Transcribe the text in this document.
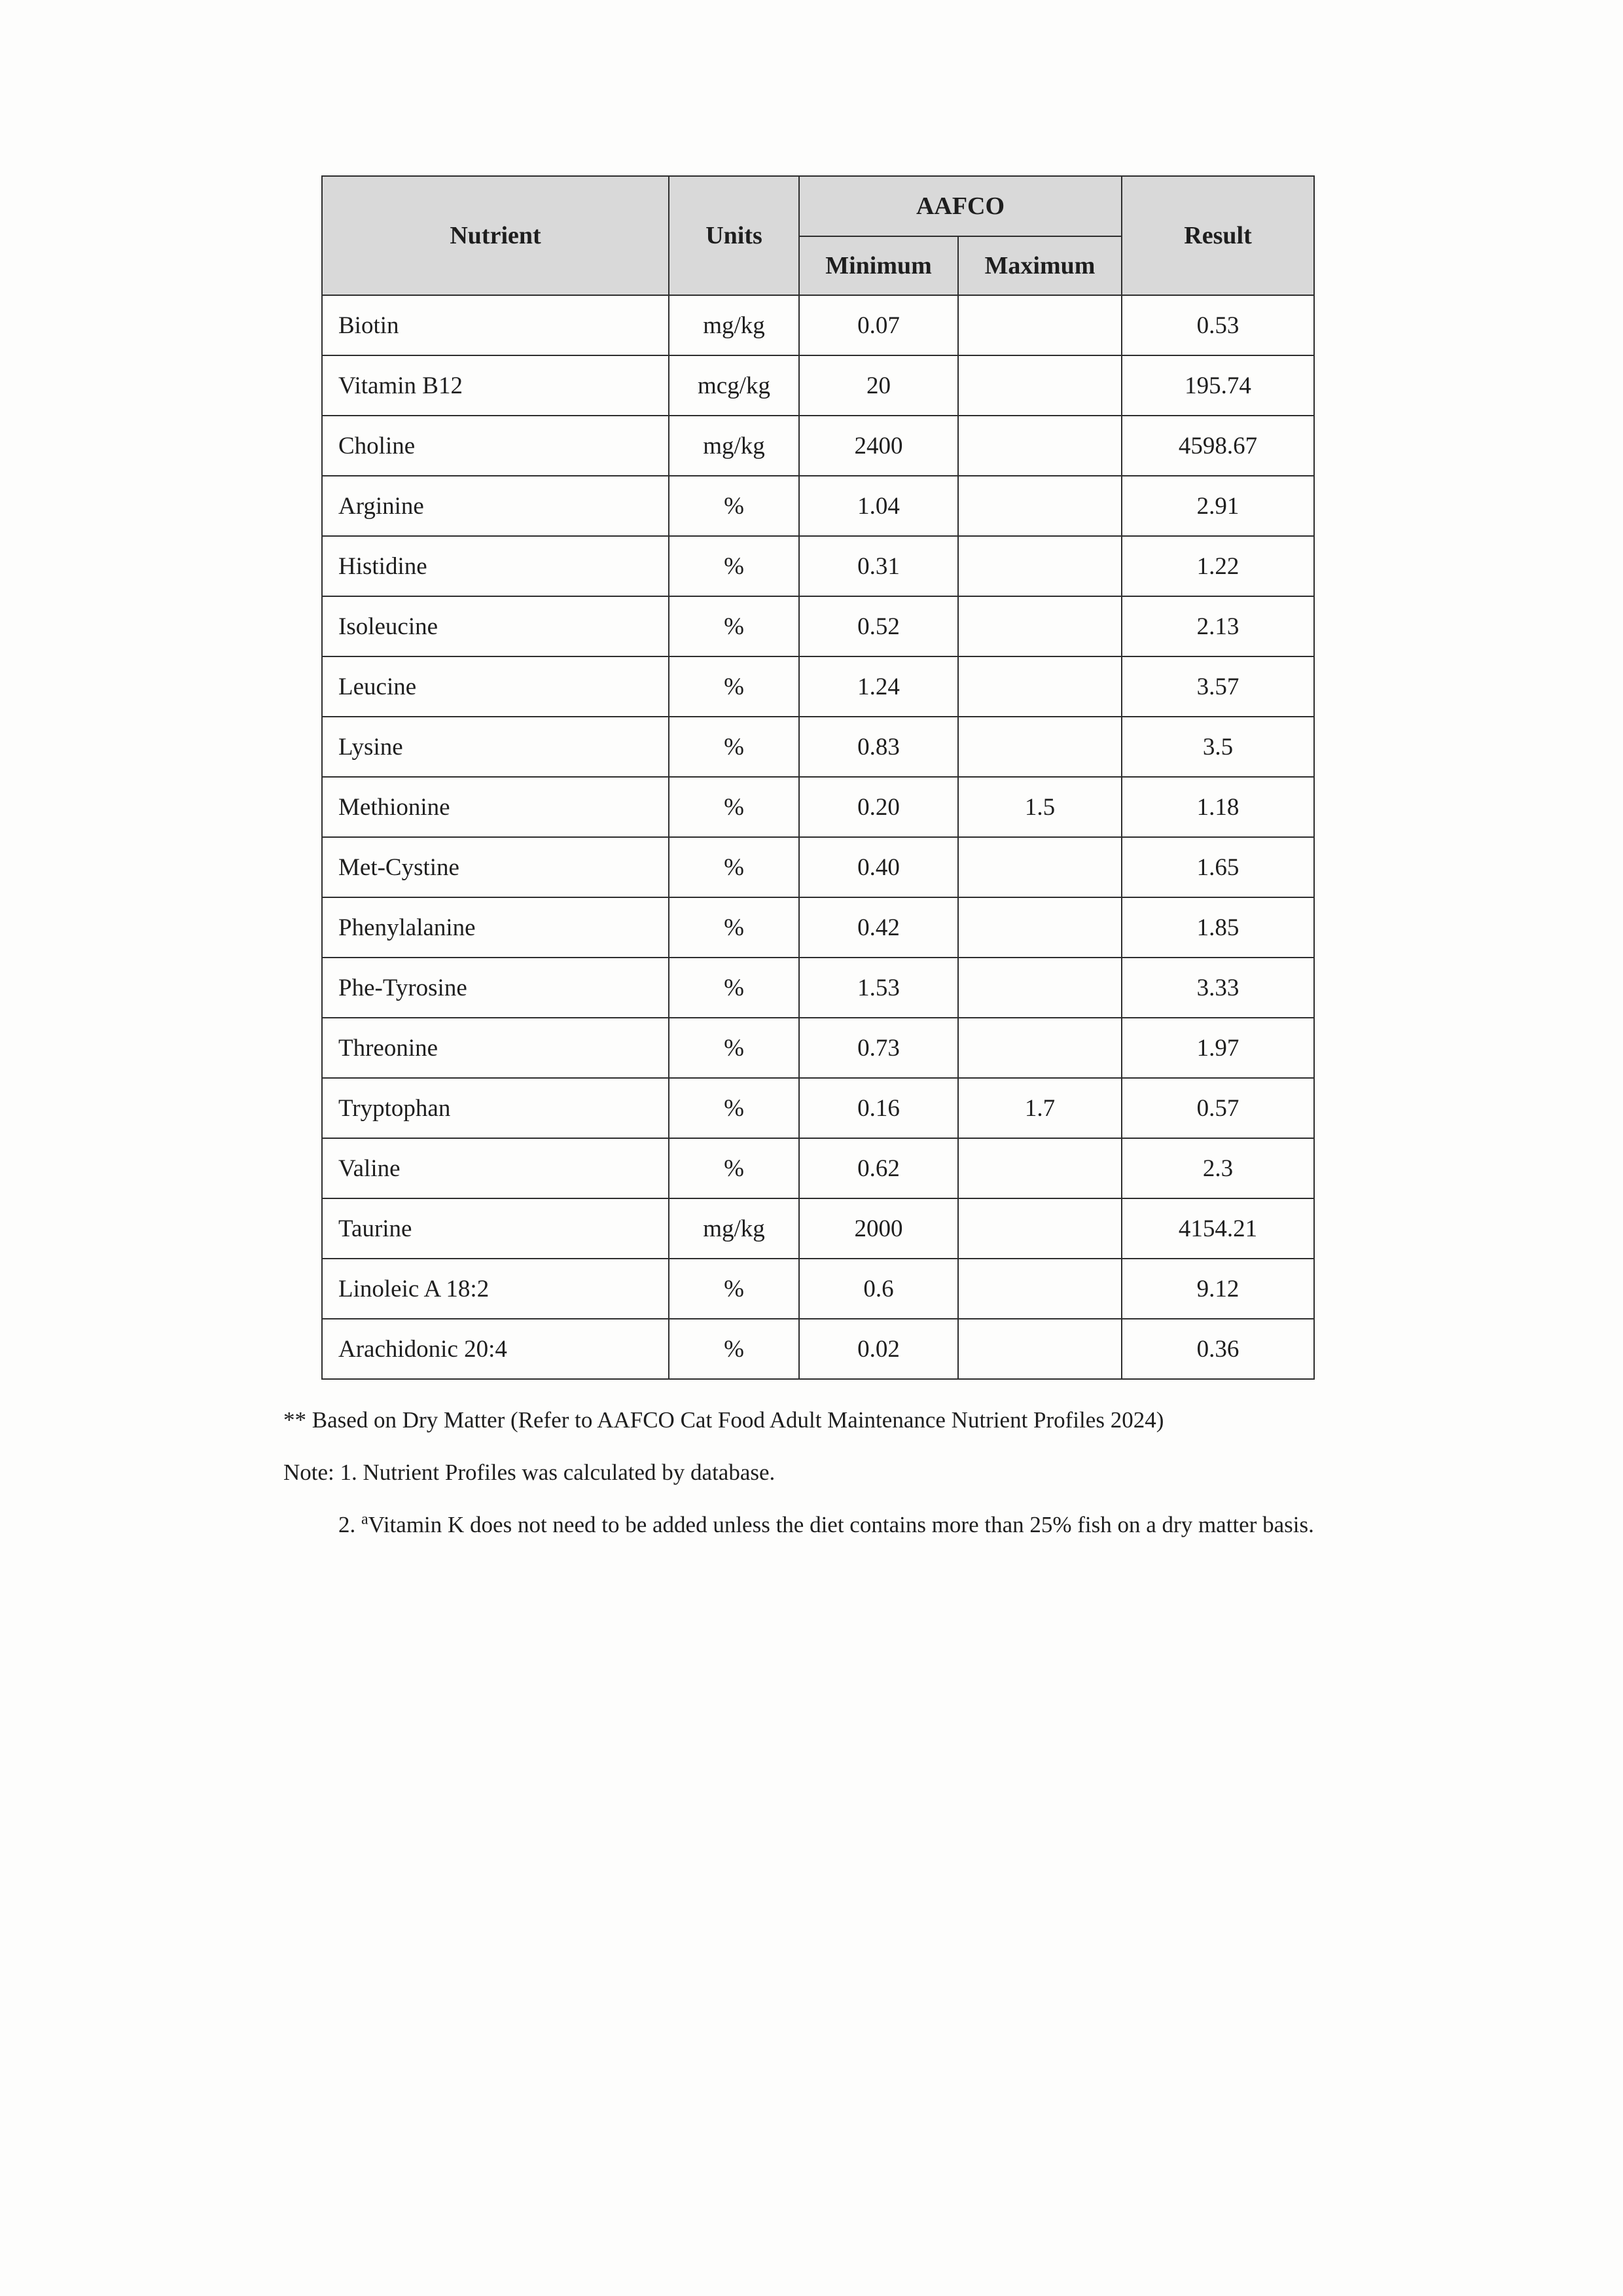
Nutrient	Units	AAFCO		Result
		Minimum	Maximum	
Biotin	mg/kg	0.07		0.53
Vitamin B12	mcg/kg	20		195.74
Choline	mg/kg	2400		4598.67
Arginine	%	1.04		2.91
Histidine	%	0.31		1.22
Isoleucine	%	0.52		2.13
Leucine	%	1.24		3.57
Lysine	%	0.83		3.5
Methionine	%	0.20	1.5	1.18
Met-Cystine	%	0.40		1.65
Phenylalanine	%	0.42		1.85
Phe-Tyrosine	%	1.53		3.33
Threonine	%	0.73		1.97
Tryptophan	%	0.16	1.7	0.57
Valine	%	0.62		2.3
Taurine	mg/kg	2000		4154.21
Linoleic A 18:2	%	0.6		9.12
Arachidonic 20:4	%	0.02		0.36

** Based on Dry Matter (Refer to AAFCO Cat Food Adult Maintenance Nutrient Profiles 2024)

Note: 1. Nutrient Profiles was calculated by database.

2. $^a$Vitamin K does not need to be added unless the diet contains more than 25% fish on a dry matter basis.
